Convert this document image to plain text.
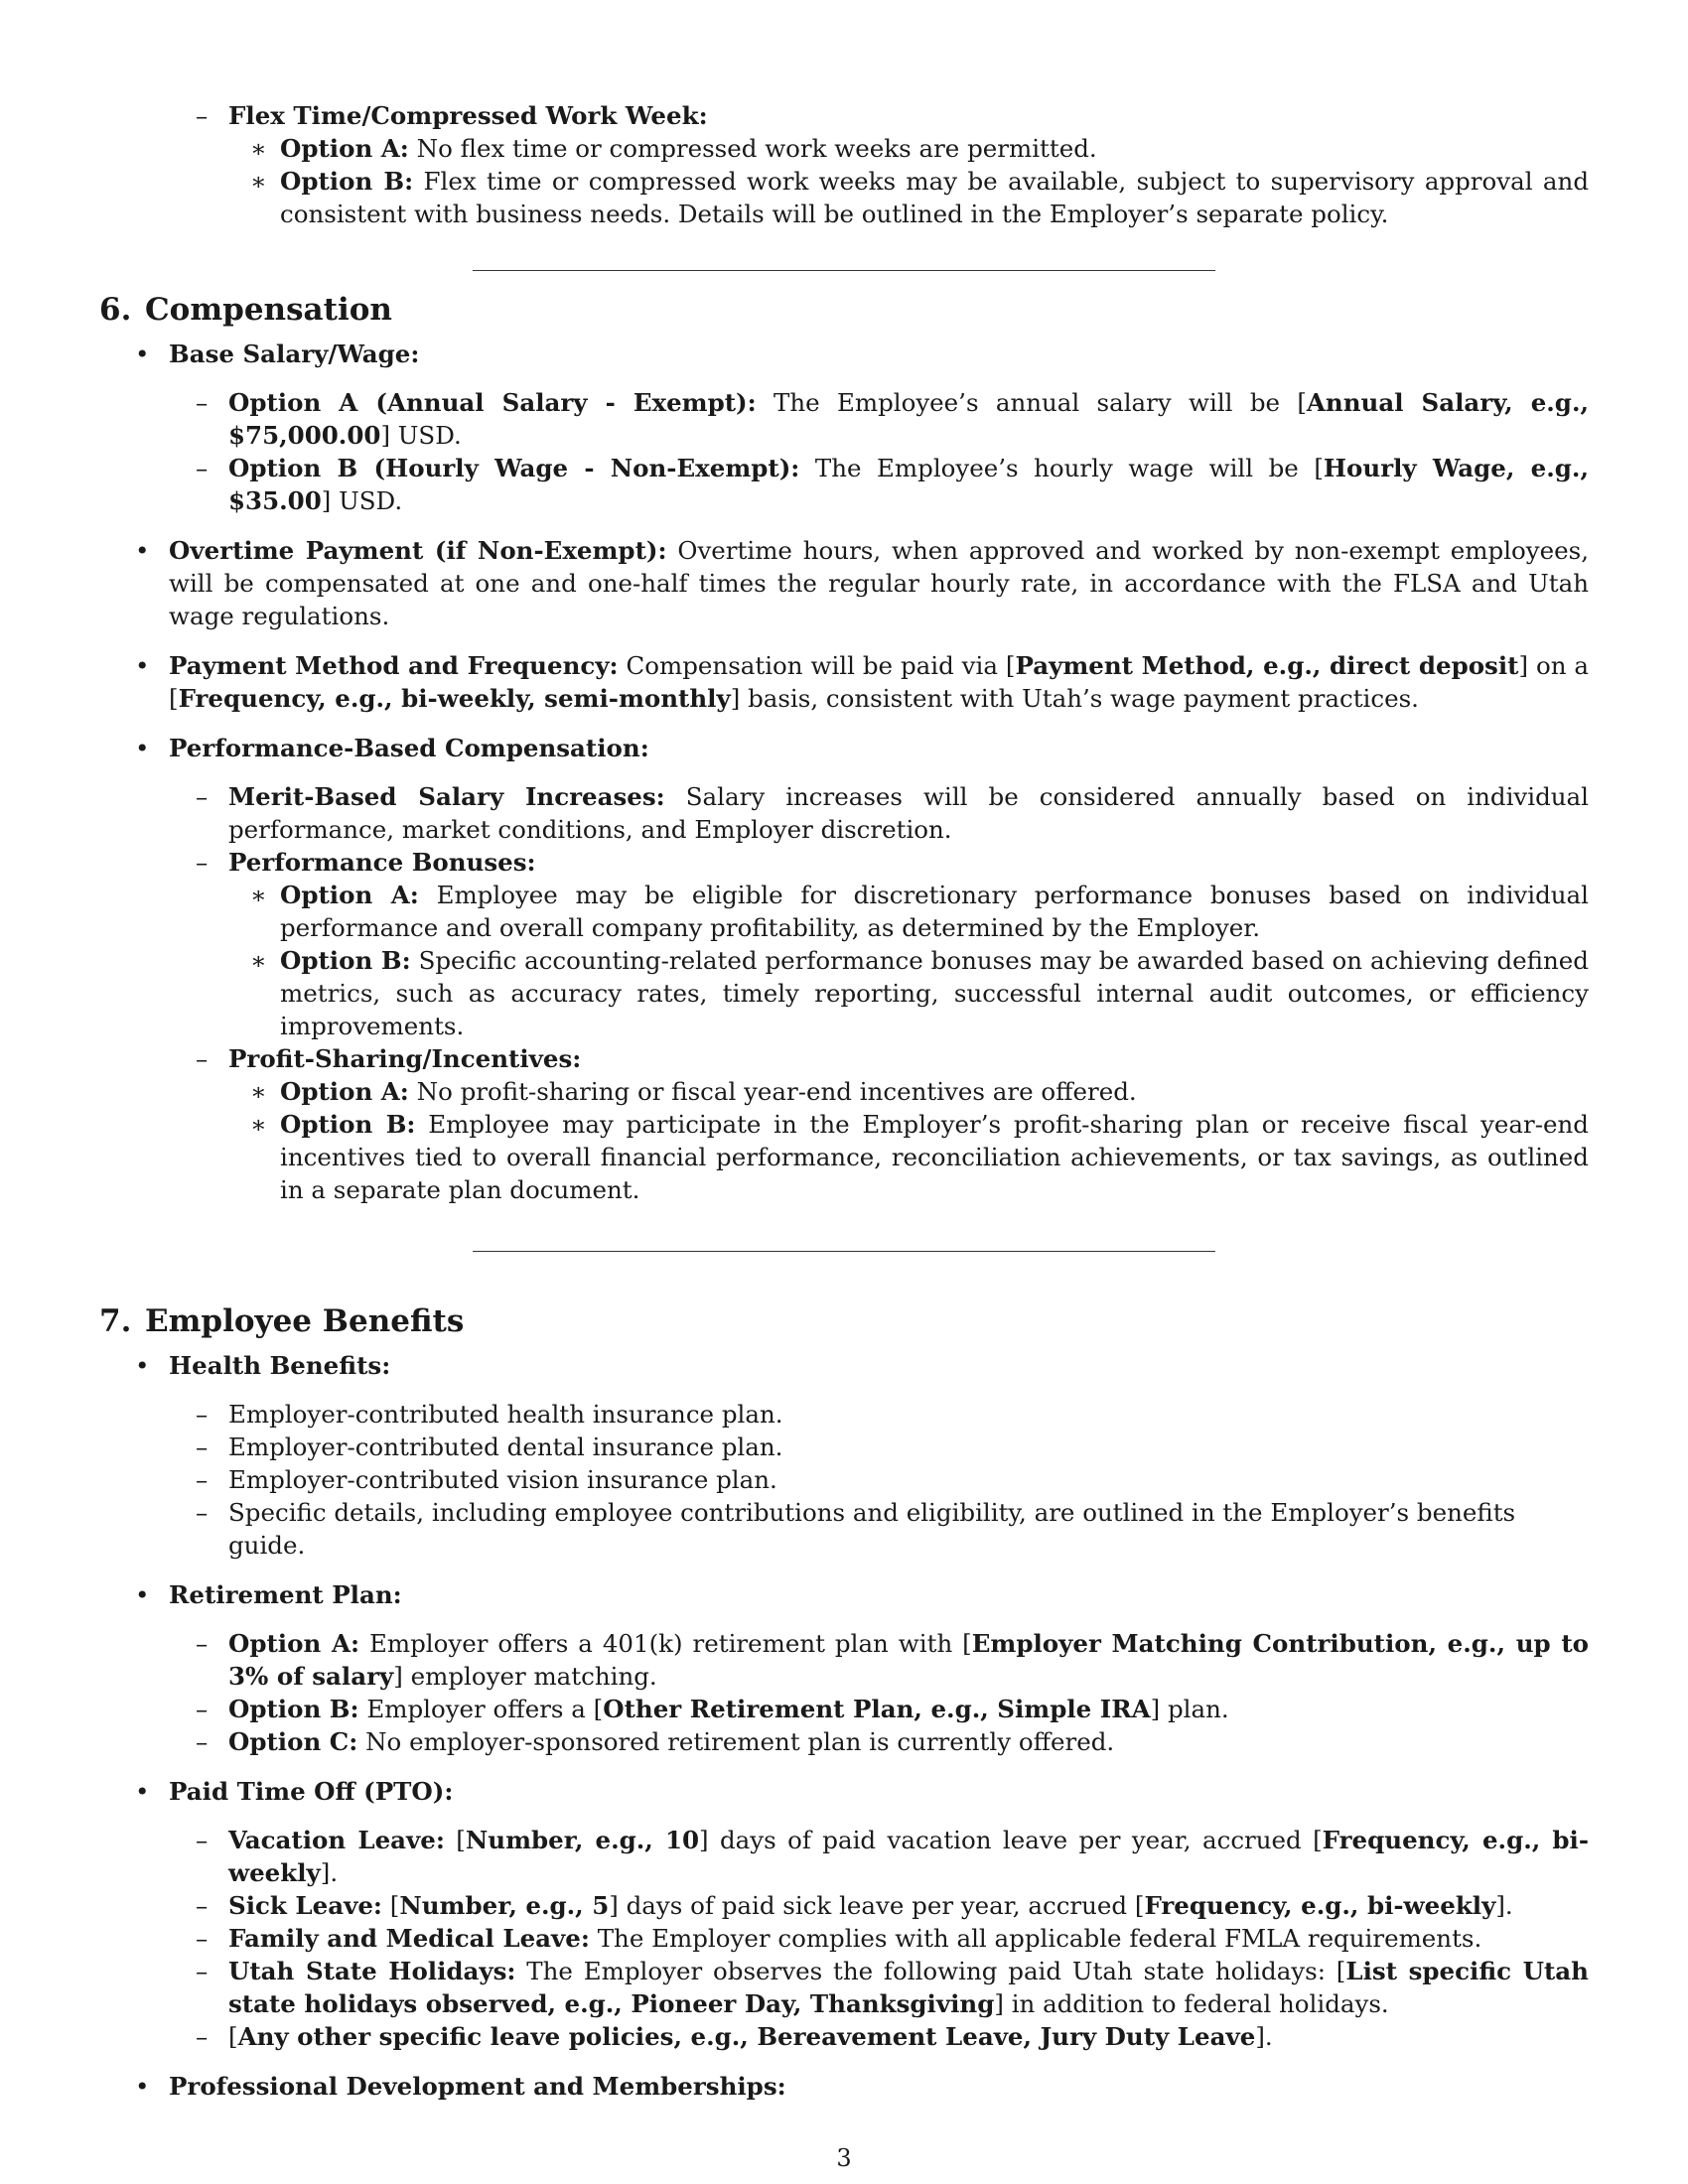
– Flex Time/Compressed Work Week:
∗ Option A: No flex time or compressed work weeks are permitted.
∗ Option B: Flex time or compressed work weeks may be available, subject to supervisory approval and consistent with business needs. Details will be outlined in the Employer’s separate policy.
6. Compensation
• Base Salary/Wage:
– Option A (Annual Salary - Exempt): The Employee’s annual salary will be [Annual Salary, e.g., $75,000.00] USD.
– Option B (Hourly Wage - Non-Exempt): The Employee’s hourly wage will be [Hourly Wage, e.g., $35.00] USD.
• Overtime Payment (if Non-Exempt): Overtime hours, when approved and worked by non-exempt employees, will be compensated at one and one-half times the regular hourly rate, in accordance with the FLSA and Utah wage regulations.
• Payment Method and Frequency: Compensation will be paid via [Payment Method, e.g., direct deposit] on a [Frequency, e.g., bi-weekly, semi-monthly] basis, consistent with Utah’s wage payment practices.
• Performance-Based Compensation:
– Merit-Based Salary Increases: Salary increases will be considered annually based on individual performance, market conditions, and Employer discretion.
– Performance Bonuses:
∗ Option A: Employee may be eligible for discretionary performance bonuses based on individual performance and overall company profitability, as determined by the Employer.
∗ Option B: Specific accounting-related performance bonuses may be awarded based on achieving defined metrics, such as accuracy rates, timely reporting, successful internal audit outcomes, or efficiency improvements.
– Profit-Sharing/Incentives:
∗ Option A: No profit-sharing or fiscal year-end incentives are offered.
∗ Option B: Employee may participate in the Employer’s profit-sharing plan or receive fiscal year-end incentives tied to overall financial performance, reconciliation achievements, or tax savings, as outlined in a separate plan document.
7. Employee Benefits
• Health Benefits:
– Employer-contributed health insurance plan.
– Employer-contributed dental insurance plan.
– Employer-contributed vision insurance plan.
– Specific details, including employee contributions and eligibility, are outlined in the Employer’s benefits guide.
• Retirement Plan:
– Option A: Employer offers a 401(k) retirement plan with [Employer Matching Contribution, e.g., up to 3% of salary] employer matching.
– Option B: Employer offers a [Other Retirement Plan, e.g., Simple IRA] plan.
– Option C: No employer-sponsored retirement plan is currently offered.
• Paid Time Off (PTO):
– Vacation Leave: [Number, e.g., 10] days of paid vacation leave per year, accrued [Frequency, e.g., bi-weekly].
– Sick Leave: [Number, e.g., 5] days of paid sick leave per year, accrued [Frequency, e.g., bi-weekly].
– Family and Medical Leave: The Employer complies with all applicable federal FMLA requirements.
– Utah State Holidays: The Employer observes the following paid Utah state holidays: [List specific Utah state holidays observed, e.g., Pioneer Day, Thanksgiving] in addition to federal holidays.
– [Any other specific leave policies, e.g., Bereavement Leave, Jury Duty Leave].
• Professional Development and Memberships:
3
